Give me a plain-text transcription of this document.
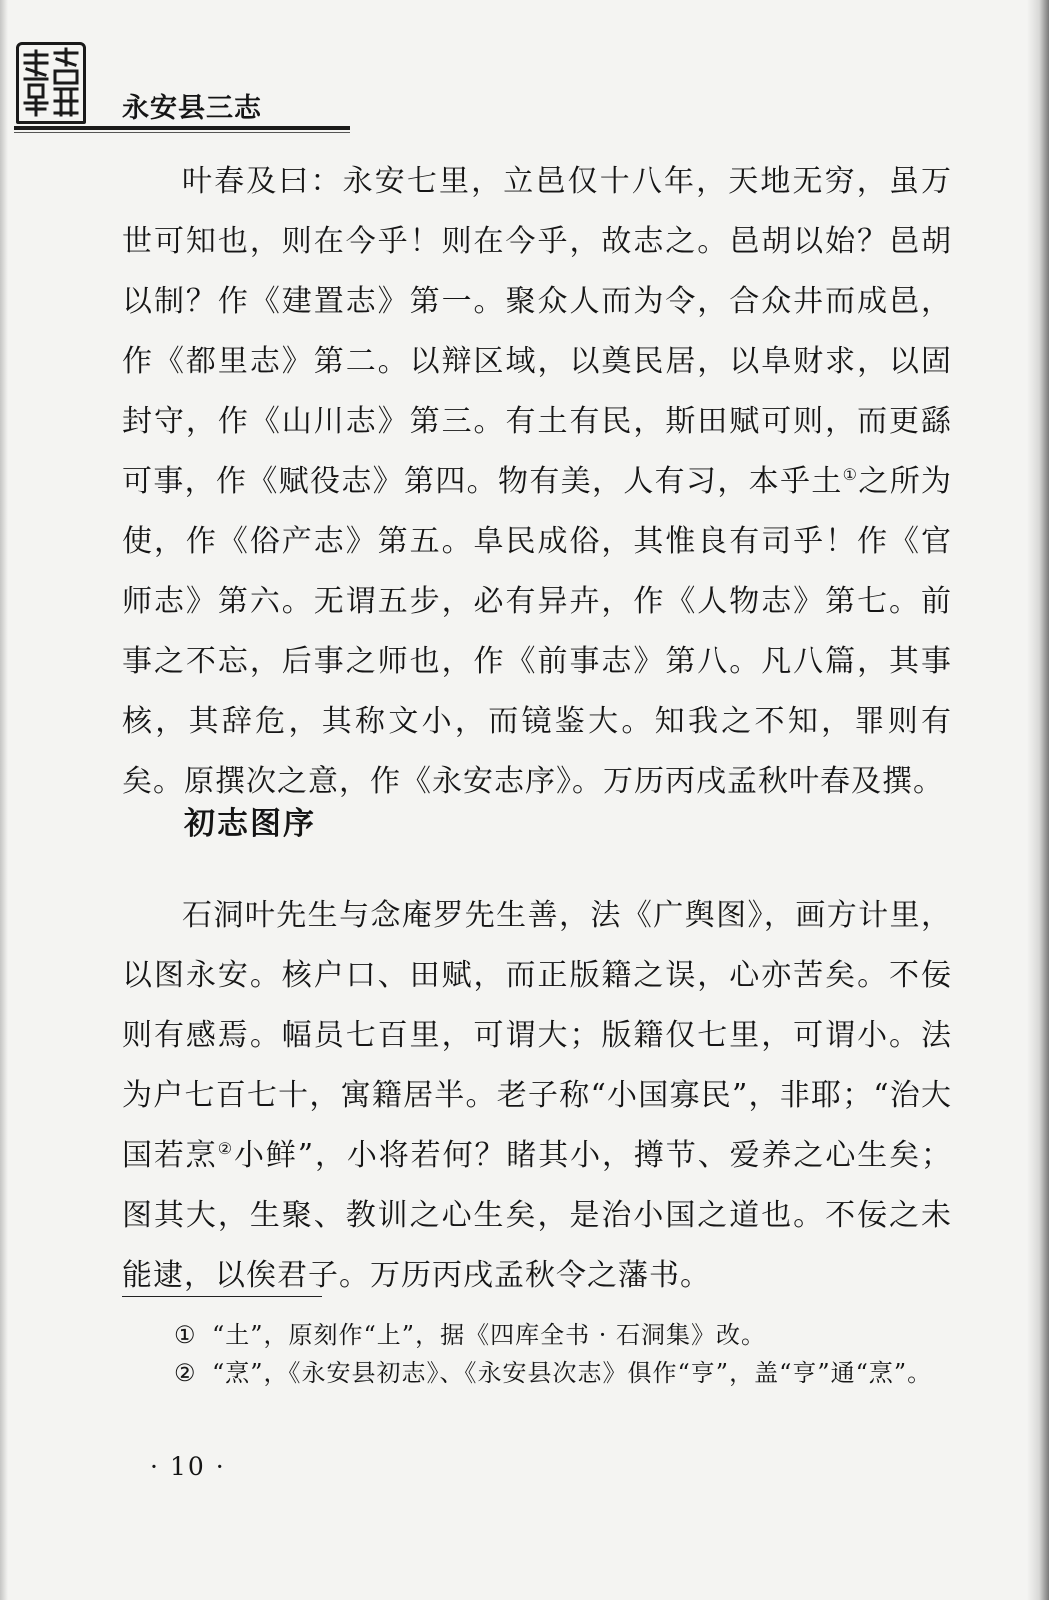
永安县三志

叶春及曰：永安七里，立邑仅十八年，天地无穷，虽万世可知也，则在今乎！则在今乎，故志之。邑胡以始？邑胡以制？作《建置志》第一。聚众人而为令，合众井而成邑，作《都里志》第二。以辩区域，以奠民居，以阜财求，以固封守，作《山川志》第三。有土有民，斯田赋可则，而更繇可事，作《赋役志》第四。物有美，人有习，本乎土①之所为使，作《俗产志》第五。阜民成俗，其惟良有司乎！作《官师志》第六。无谓五步，必有异卉，作《人物志》第七。前事之不忘，后事之师也，作《前事志》第八。凡八篇，其事核，其辞危，其称文小，而镜鉴大。知我之不知，罪则有矣。原撰次之意，作《永安志序》。万历丙戌孟秋叶春及撰。

初志图序

石洞叶先生与念庵罗先生善，法《广舆图》，画方计里，以图永安。核户口、田赋，而正版籍之误，心亦苦矣。不佞则有感焉。幅员七百里，可谓大；版籍仅七里，可谓小。法为户七百七十，寓籍居半。老子称“小国寡民”，非耶；“治大国若烹②小鲜”，小将若何？睹其小，撙节、爱养之心生矣；图其大，生聚、教训之心生矣，是治小国之道也。不佞之未能逮，以俟君子。万历丙戌孟秋令之藩书。

① “土”，原刻作“上”，据《四库全书 · 石洞集》改。
② “烹”，《永安县初志》、《永安县次志》俱作“亨”，盖“亨”通“烹”。
· 10 ·
